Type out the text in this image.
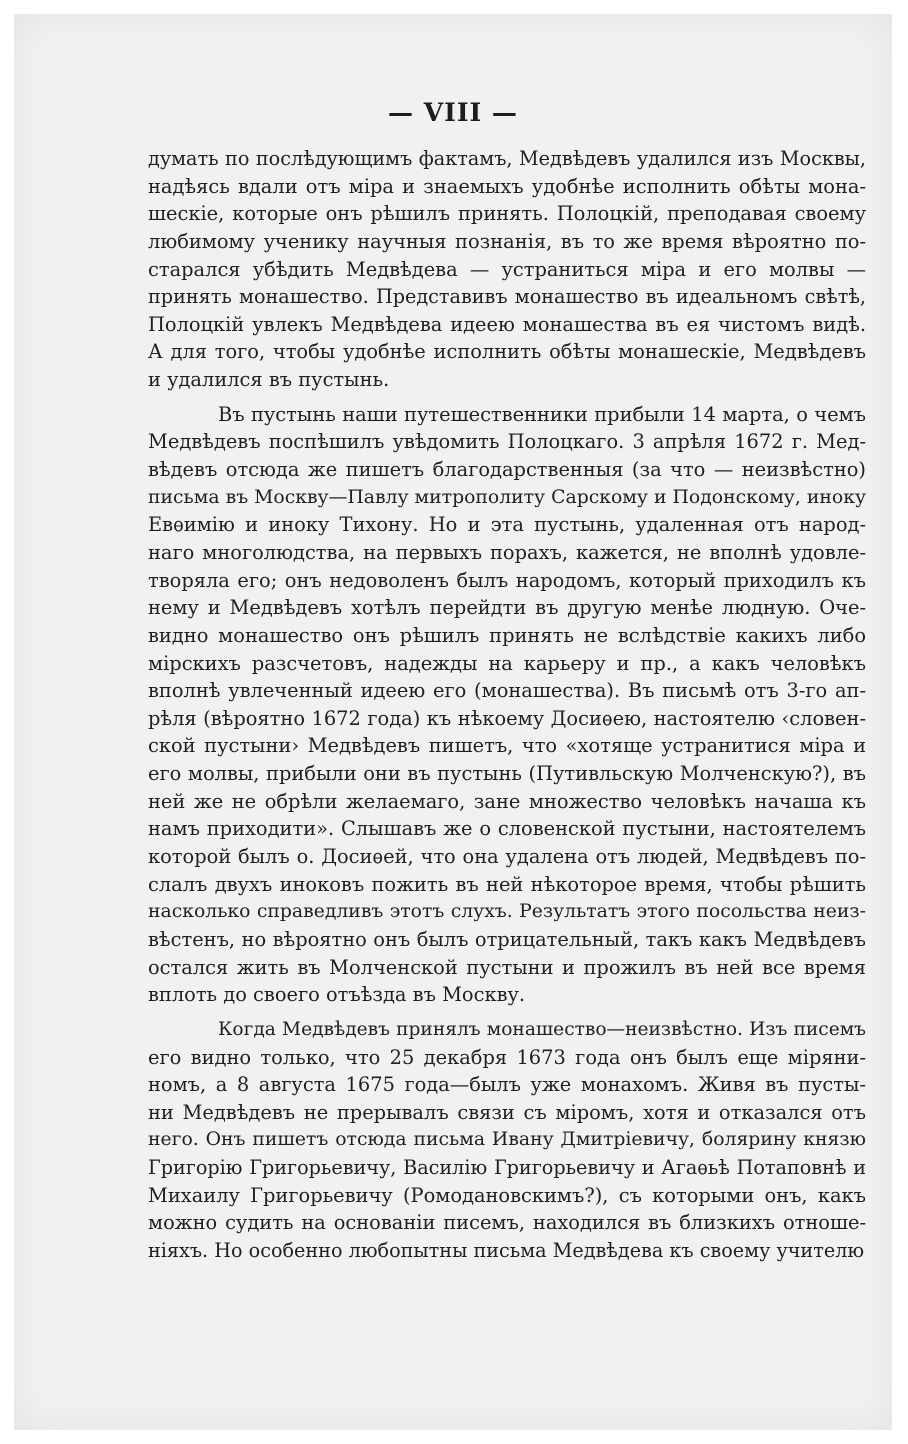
— VIII —
думать по послѣдующимъ фактамъ, Медвѣдевъ удалился изъ Москвы,
надѣясь вдали отъ міра и знаемыхъ удобнѣе исполнить обѣты мона-
шескіе, которые онъ рѣшилъ принять. Полоцкій, преподавая своему
любимому ученику научныя познанія, въ то же время вѣроятно по-
старался убѣдить Медвѣдева — устраниться міра и его молвы —
принять монашество. Представивъ монашество въ идеальномъ свѣтѣ,
Полоцкій увлекъ Медвѣдева идеею монашества въ ея чистомъ видѣ.
А для того, чтобы удобнѣе исполнить обѣты монашескіе, Медвѣдевъ
и удалился въ пустынь.
Въ пустынь наши путешественники прибыли 14 марта, о чемъ
Медвѣдевъ поспѣшилъ увѣдомить Полоцкаго. 3 апрѣля 1672 г. Мед-
вѣдевъ отсюда же пишетъ благодарственныя (за что — неизвѣстно)
письма въ Москву—Павлу митрополиту Сарскому и Подонскому, иноку
Евѳимію и иноку Тихону. Но и эта пустынь, удаленная отъ народ-
наго многолюдства, на первыхъ порахъ, кажется, не вполнѣ удовле-
творяла его; онъ недоволенъ былъ народомъ, который приходилъ къ
нему и Медвѣдевъ хотѣлъ перейдти въ другую менѣе людную. Оче-
видно монашество онъ рѣшилъ принять не вслѣдствіе какихъ либо
мірскихъ разсчетовъ, надежды на карьеру и пр., а какъ человѣкъ
вполнѣ увлеченный идеею его (монашества). Въ письмѣ отъ 3-го ап-
рѣля (вѣроятно 1672 года) къ нѣкоему Досиѳею, настоятелю ‹словен-
ской пустыни› Медвѣдевъ пишетъ, что «хотяще устранитися міра и
его молвы, прибыли они въ пустынь (Путивльскую Молченскую?), въ
ней же не обрѣли желаемаго, зане множество человѣкъ начаша къ
намъ приходити». Слышавъ же о словенской пустыни, настоятелемъ
которой былъ о. Досиѳей, что она удалена отъ людей, Медвѣдевъ по-
слалъ двухъ иноковъ пожить въ ней нѣкоторое время, чтобы рѣшить
насколько справедливъ этотъ слухъ. Результатъ этого посольства неиз-
вѣстенъ, но вѣроятно онъ былъ отрицательный, такъ какъ Медвѣдевъ
остался жить въ Молченской пустыни и прожилъ въ ней все время
вплоть до своего отъѣзда въ Москву.
Когда Медвѣдевъ принялъ монашество—неизвѣстно. Изъ писемъ
его видно только, что 25 декабря 1673 года онъ былъ еще міряни-
номъ, а 8 августа 1675 года—былъ уже монахомъ. Живя въ пусты-
ни Медвѣдевъ не прерывалъ связи съ міромъ, хотя и отказался отъ
него. Онъ пишетъ отсюда письма Ивану Дмитріевичу, болярину князю
Григорію Григорьевичу, Василію Григорьевичу и Агаѳьѣ Потаповнѣ и
Михаилу Григорьевичу (Ромодановскимъ?), съ которыми онъ, какъ
можно судить на основаніи писемъ, находился въ близкихъ отноше-
ніяхъ. Но особенно любопытны письма Медвѣдева къ своему учителю
